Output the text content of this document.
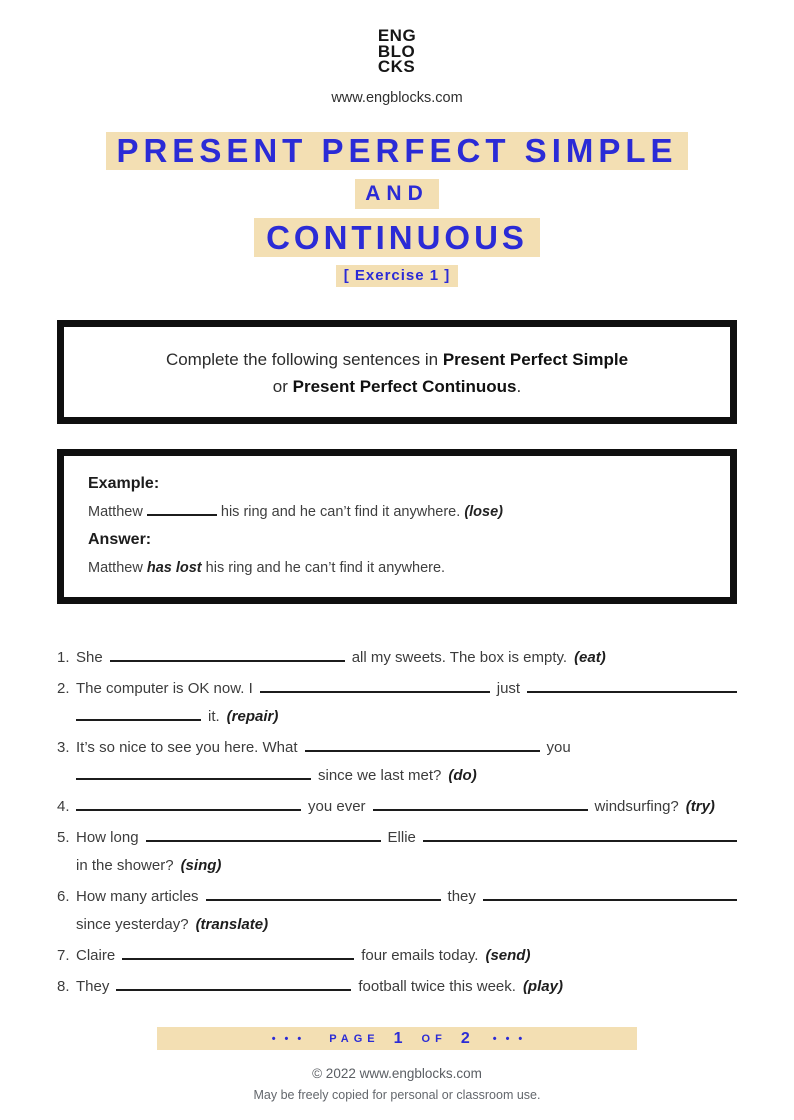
ENG
BLO
CKS
www.engblocks.com
PRESENT PERFECT SIMPLE
AND
CONTINUOUS
[ Exercise 1 ]
Complete the following sentences in Present Perfect Simple
or Present Perfect Continuous.
Example:
Matthew	his ring and he can’t find it anywhere. (lose)
Answer:
Matthew has lost his ring and he can’t find it anywhere.
1. She	all my sweets. The box is empty. (eat)
2. The computer is OK now. I	just
it. (repair)
3. It’s so nice to see you here. What	you
since we last met? (do)
4.	you ever	windsurfing? (try)
5. How long	Ellie
in the shower? (sing)
6. How many articles	they
since yesterday? (translate)
7. Claire	four emails today. (send)
8. They	football twice this week. (play)
•••	PAGE 1	OF 2	•••
© 2022 www.engblocks.com
May be freely copied for personal or classroom use.
